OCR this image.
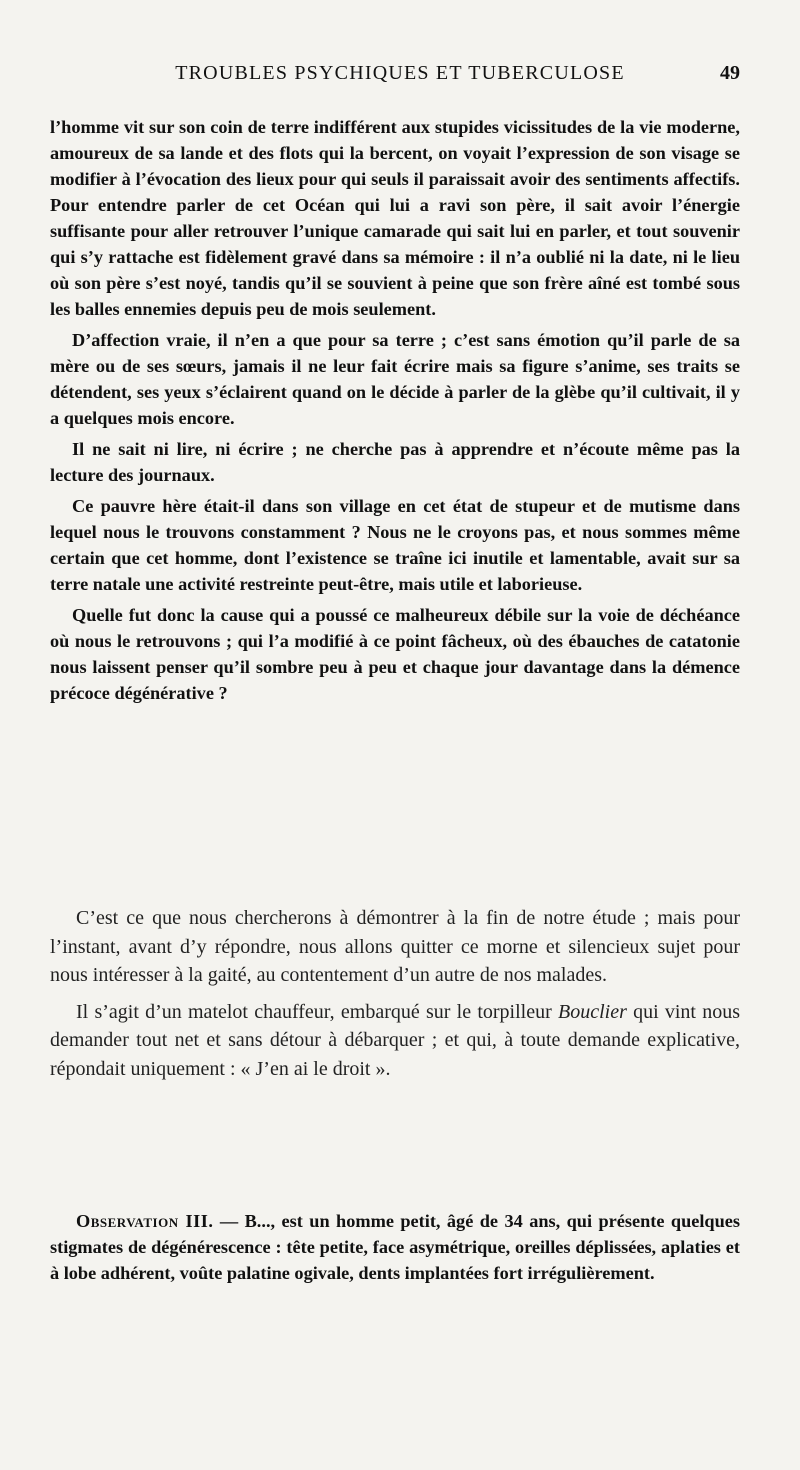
TROUBLES PSYCHIQUES ET TUBERCULOSE	49

l’homme vit sur son coin de terre indifférent aux stupides vicissitudes de la vie moderne, amoureux de sa lande et des flots qui la bercent, on voyait l’expression de son visage se modifier à l’évocation des lieux pour qui seuls il paraissait avoir des sentiments affectifs. Pour entendre parler de cet Océan qui lui a ravi son père, il sait avoir l’énergie suffisante pour aller retrouver l’unique camarade qui sait lui en parler, et tout souvenir qui s’y rattache est fidèlement gravé dans sa mémoire : il n’a oublié ni la date, ni le lieu où son père s’est noyé, tandis qu’il se souvient à peine que son frère aîné est tombé sous les balles ennemies depuis peu de mois seulement.

D’affection vraie, il n’en a que pour sa terre ; c’est sans émotion qu’il parle de sa mère ou de ses sœurs, jamais il ne leur fait écrire mais sa figure s’anime, ses traits se détendent, ses yeux s’éclairent quand on le décide à parler de la glèbe qu’il cultivait, il y a quelques mois encore.

Il ne sait ni lire, ni écrire ; ne cherche pas à apprendre et n’écoute même pas la lecture des journaux.

Ce pauvre hère était-il dans son village en cet état de stupeur et de mutisme dans lequel nous le trouvons constamment ? Nous ne le croyons pas, et nous sommes même certain que cet homme, dont l’existence se traîne ici inutile et lamentable, avait sur sa terre natale une activité restreinte peut-être, mais utile et laborieuse.

Quelle fut donc la cause qui a poussé ce malheureux débile sur la voie de déchéance où nous le retrouvons ; qui l’a modifié à ce point fâcheux, où des ébauches de catatonie nous laissent penser qu’il sombre peu à peu et chaque jour davantage dans la démence précoce dégénérative ?

C’est ce que nous chercherons à démontrer à la fin de notre étude ; mais pour l’instant, avant d’y répondre, nous allons quitter ce morne et silencieux sujet pour nous intéresser à la gaité, au contentement d’un autre de nos malades.

Il s’agit d’un matelot chauffeur, embarqué sur le torpilleur Bouclier qui vint nous demander tout net et sans détour à débarquer ; et qui, à toute demande explicative, répondait uniquement : « J’en ai le droit ».

Observation III. — B..., est un homme petit, âgé de 34 ans, qui présente quelques stigmates de dégénérescence : tête petite, face asymétrique, oreilles déplissées, aplaties et à lobe adhérent, voûte palatine ogivale, dents implantées fort irrégulièrement.
